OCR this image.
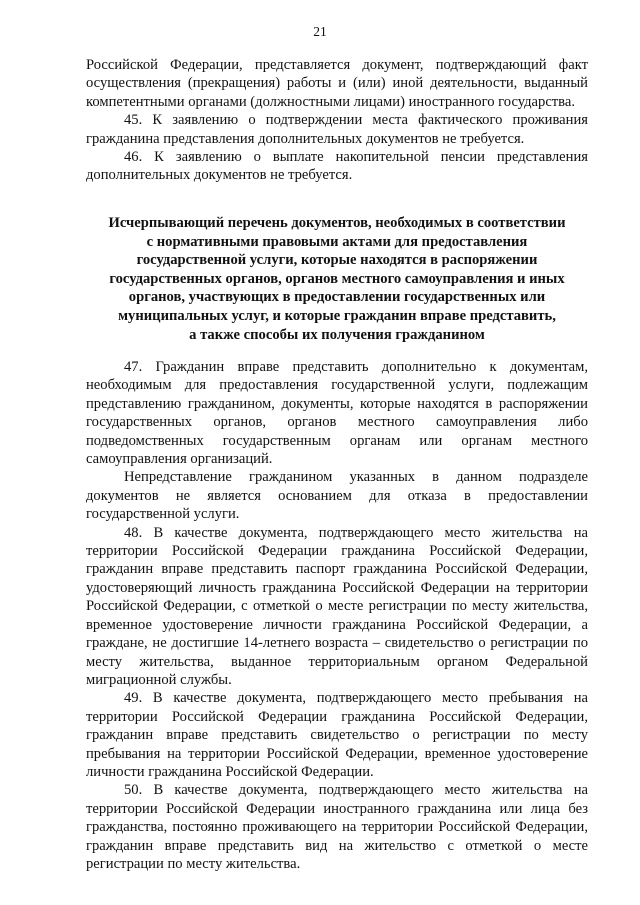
21

Российской Федерации, представляется документ, подтверждающий факт осуществления (прекращения) работы и (или) иной деятельности, выданный компетентными органами (должностными лицами) иностранного государства.

45. К заявлению о подтверждении места фактического проживания гражданина представления дополнительных документов не требуется.

46. К заявлению о выплате накопительной пенсии представления дополнительных документов не требуется.

Исчерпывающий перечень документов, необходимых в соответствии
с нормативными правовыми актами для предоставления
государственной услуги, которые находятся в распоряжении
государственных органов, органов местного самоуправления и иных
органов, участвующих в предоставлении государственных или
муниципальных услуг, и которые гражданин вправе представить,
а также способы их получения гражданином

47. Гражданин вправе представить дополнительно к документам, необходимым для предоставления государственной услуги, подлежащим представлению гражданином, документы, которые находятся в распоряжении государственных органов, органов местного самоуправления либо подведомственных государственным органам или органам местного самоуправления организаций.

Непредставление гражданином указанных в данном подразделе документов не является основанием для отказа в предоставлении государственной услуги.

48. В качестве документа, подтверждающего место жительства на территории Российской Федерации гражданина Российской Федерации, гражданин вправе представить паспорт гражданина Российской Федерации, удостоверяющий личность гражданина Российской Федерации на территории Российской Федерации, с отметкой о месте регистрации по месту жительства, временное удостоверение личности гражданина Российской Федерации, а граждане, не достигшие 14-летнего возраста – свидетельство о регистрации по месту жительства, выданное территориальным органом Федеральной миграционной службы.

49. В качестве документа, подтверждающего место пребывания на территории Российской Федерации гражданина Российской Федерации, гражданин вправе представить свидетельство о регистрации по месту пребывания на территории Российской Федерации, временное удостоверение личности гражданина Российской Федерации.

50. В качестве документа, подтверждающего место жительства на территории Российской Федерации иностранного гражданина или лица без гражданства, постоянно проживающего на территории Российской Федерации, гражданин вправе представить вид на жительство с отметкой о месте регистрации по месту жительства.
